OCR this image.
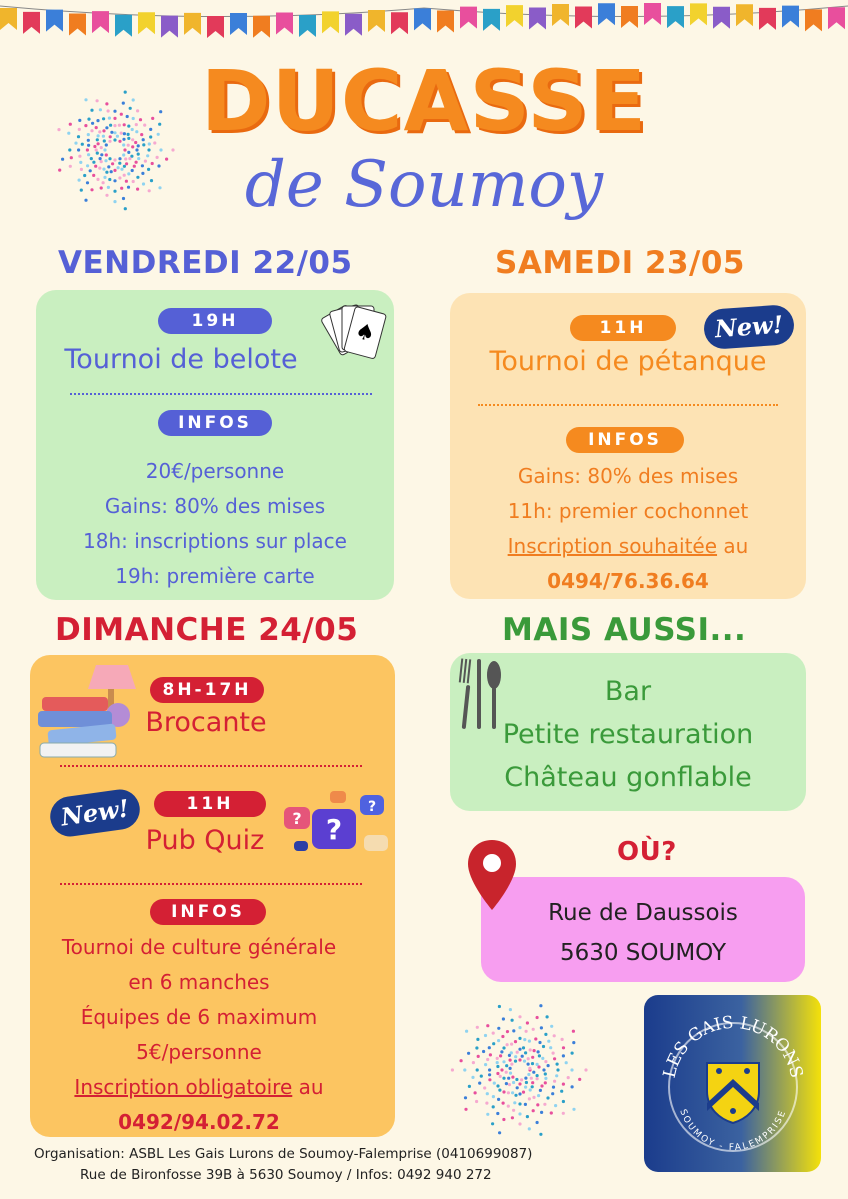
DUCASSE
de Soumoy
VENDREDI 22/05
19H
Tournoi de belote
♠
INFOS
20€/personne
Gains: 80% des mises
18h: inscriptions sur place
19h: première carte
SAMEDI 23/05
11H	New!
Tournoi de pétanque
INFOS
Gains: 80% des mises
11h: premier cochonnet
Inscription souhaitée au
0494/76.36.64
DIMANCHE 24/05
8H-17H
Brocante
New!	11H
Pub Quiz
? ?
?
INFOS
Tournoi de culture générale
en 6 manches
Équipes de 6 maximum
5€/personne
Inscription obligatoire au
0492/94.02.72
MAIS AUSSI...
Bar
Petite restauration
Château gonflable
OÙ?
Rue de Daussois
5630 SOUMOY
LES GAIS LURONS
SOUMOY - FALEMPRISE
Organisation: ASBL Les Gais Lurons de Soumoy-Falemprise (0410699087)
Rue de Bironfosse 39B à 5630 Soumoy / Infos: 0492 940 272
